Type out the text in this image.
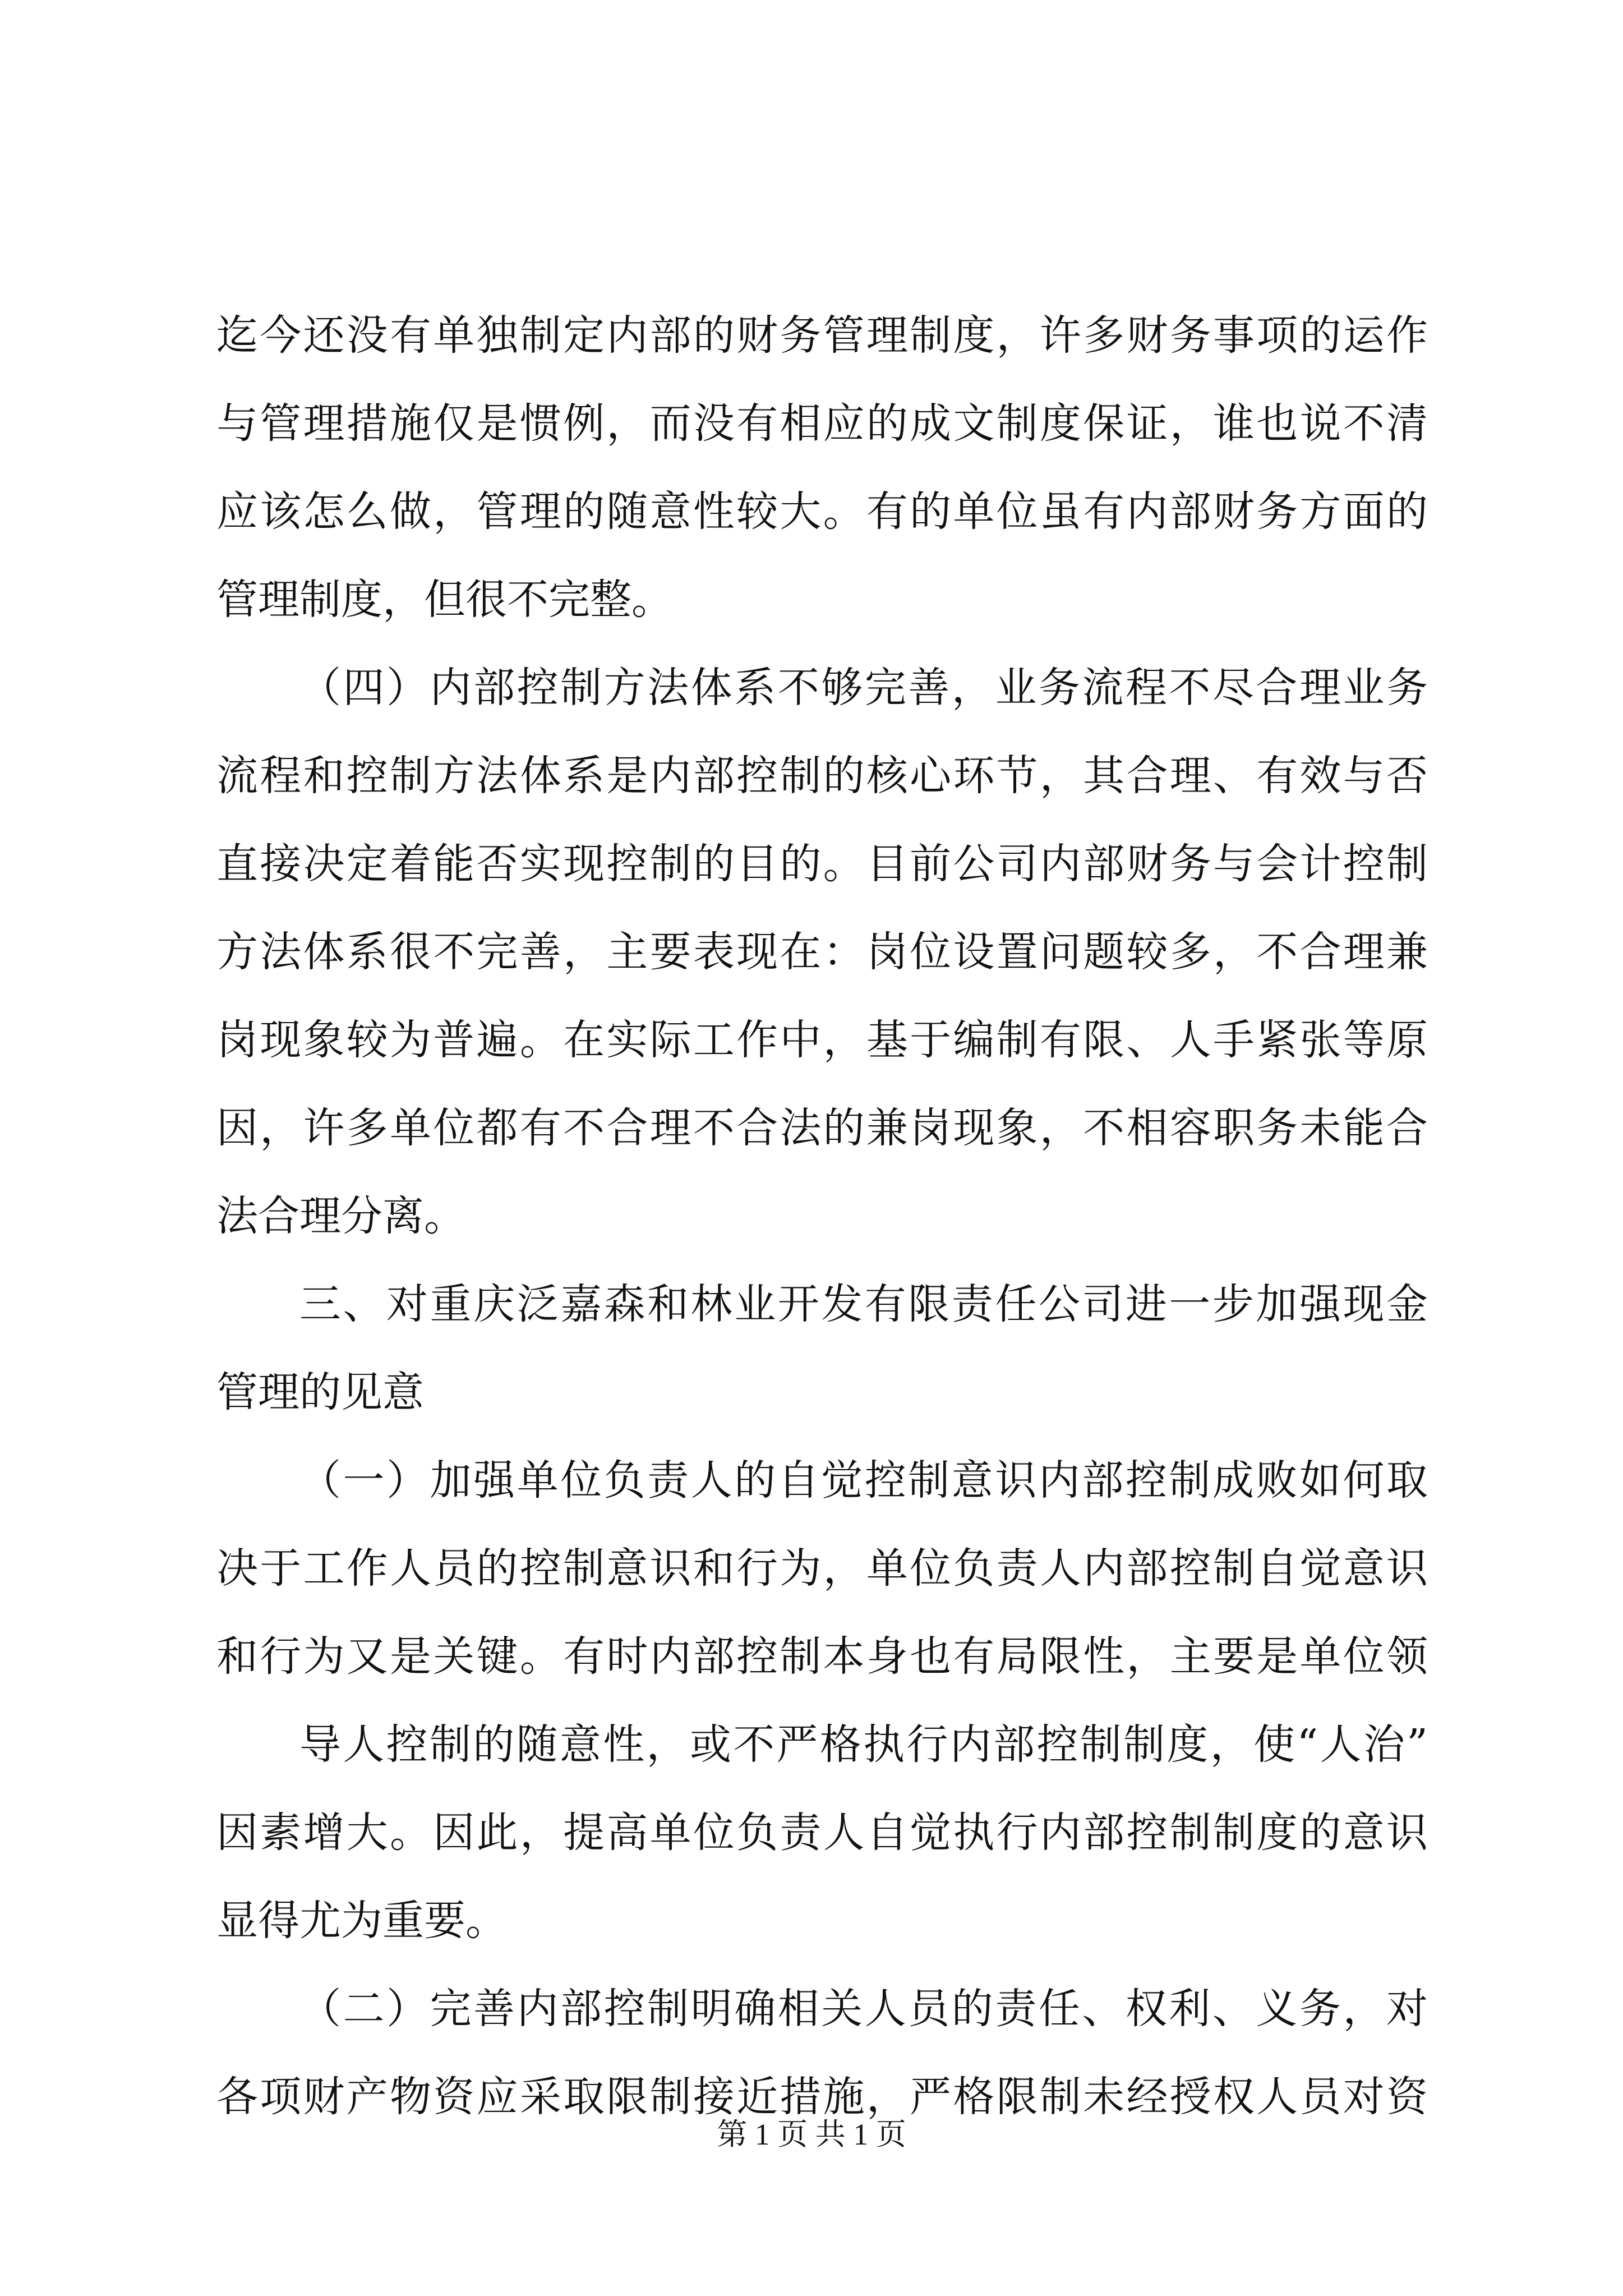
迄今还没有单独制定内部的财务管理制度，许多财务事项的运作
与管理措施仅是惯例，而没有相应的成文制度保证，谁也说不清
应该怎么做，管理的随意性较大。有的单位虽有内部财务方面的
管理制度，但很不完整。
（四）内部控制方法体系不够完善，业务流程不尽合理业务
流程和控制方法体系是内部控制的核心环节，其合理、有效与否
直接决定着能否实现控制的目的。目前公司内部财务与会计控制
方法体系很不完善，主要表现在：岗位设置问题较多，不合理兼
岗现象较为普遍。在实际工作中，基于编制有限、人手紧张等原
因，许多单位都有不合理不合法的兼岗现象，不相容职务未能合
法合理分离。
三、对重庆泛嘉森和林业开发有限责任公司进一步加强现金
管理的见意
（一）加强单位负责人的自觉控制意识内部控制成败如何取
决于工作人员的控制意识和行为，单位负责人内部控制自觉意识
和行为又是关键。有时内部控制本身也有局限性，主要是单位领
导人控制的随意性，或不严格执行内部控制制度，使“人治”
因素增大。因此，提高单位负责人自觉执行内部控制制度的意识
显得尤为重要。
（二）完善内部控制明确相关人员的责任、权利、义务，对
各项财产物资应采取限制接近措施，严格限制未经授权人员对资
第 1 页 共 1 页
